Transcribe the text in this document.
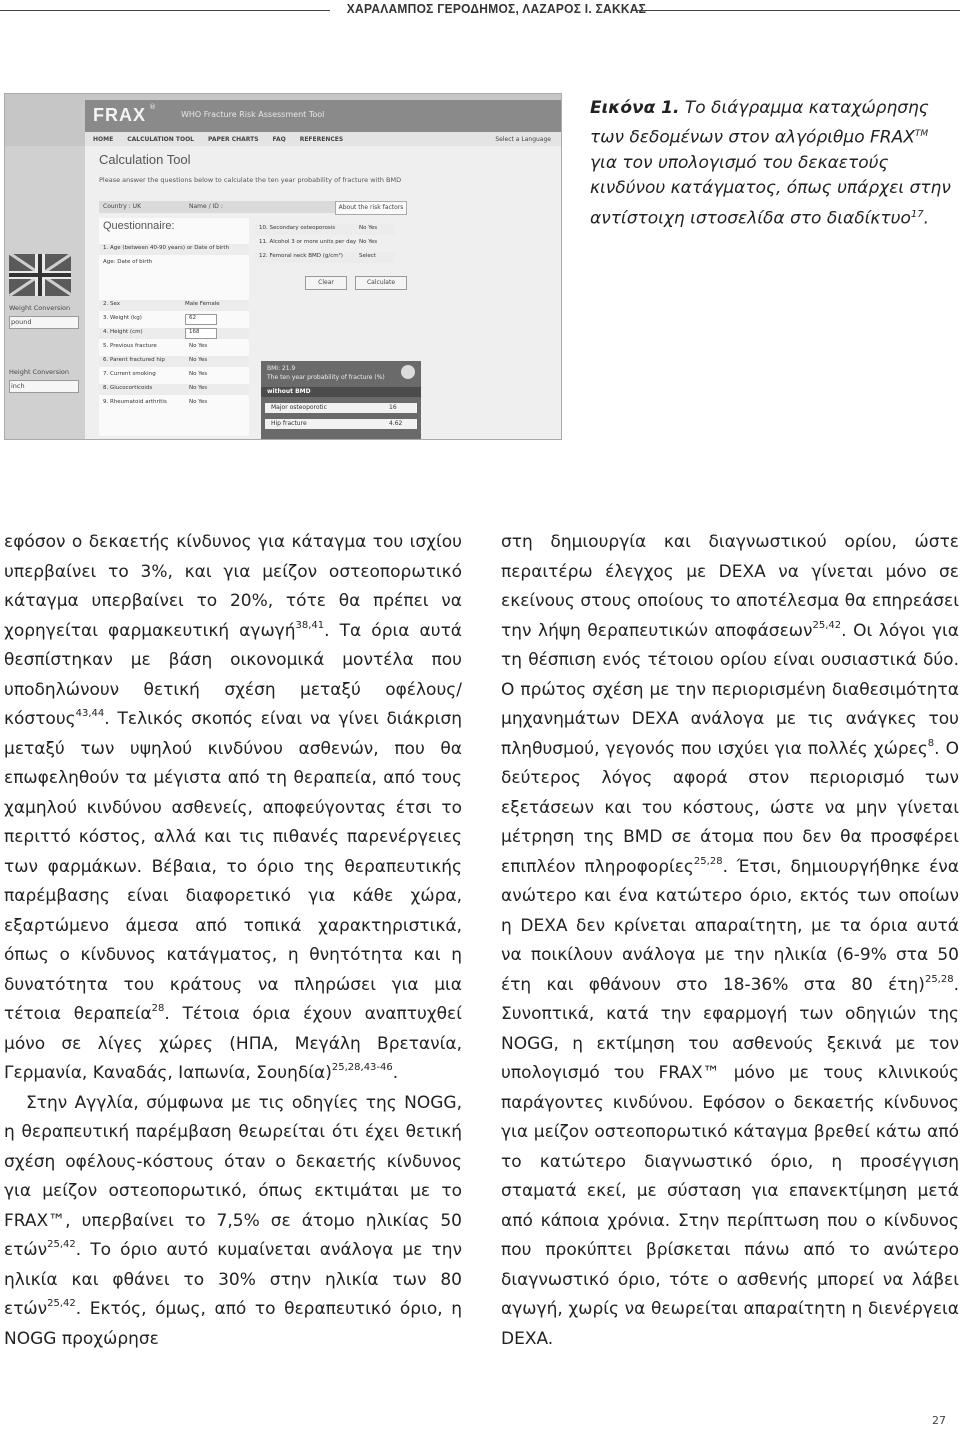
ΧΑΡΑΛΑΜΠΟΣ ΓΕΡΟΔΗΜΟΣ, ΛΑΖΑΡΟΣ Ι. ΣΑΚΚΑΣ
FRAX ®
WHO Fracture Risk Assessment Tool
HOME CALCULATION TOOL PAPER CHARTS FAQ REFERENCES	Select a Language
Weight Conversion
pound
Height Conversion
inch
Calculation Tool
Please answer the questions below to calculate the ten year probability of fracture with BMD
Country : UK	Name / ID :	About the risk factors
Questionnaire:
1. Age (between 40-90 years) or Date of birth
Age: Date of birth
2. Sex	Male Female
3. Weight (kg)	62
4. Height (cm)	168
5. Previous fracture	No Yes
6. Parent fractured hip	No Yes
7. Current smoking	No Yes
8. Glucocorticoids	No Yes
9. Rheumatoid arthritis	No Yes
10. Secondary osteoporosis	No Yes
11. Alcohol 3 or more units per day No Yes
12. Femoral neck BMD (g/cm²)	Select
Clear	Calculate
BMI: 21.9
The ten year probability of fracture (%)
without BMD
Major osteoporotic	16
Hip fracture	4.62
Εικόνα 1. Το διάγραμμα καταχώρησης των δεδομένων στον αλγόριθμο FRAX™ για τον υπολογισμό του δεκαετούς κινδύνου κατάγματος, όπως υπάρχει στην αντίστοιχη ιστοσελίδα στο διαδίκτυο$^{17}$.

εφόσον ο δεκαετής κίνδυνος για κάταγμα του ισχίου υπερβαίνει το 3%, και για μείζον οστεοπορωτικό κάταγμα υπερβαίνει το 20%, τότε θα πρέπει να χορηγείται φαρμακευτική αγωγή$^{38,41}$. Τα όρια αυτά θεσπίστηκαν με βάση οικονομικά μοντέλα που υποδηλώνουν θετική σχέση μεταξύ οφέλους/κόστους$^{43,44}$. Τελικός σκοπός είναι να γίνει διάκριση μεταξύ των υψηλού κινδύνου ασθενών, που θα επωφεληθούν τα μέγιστα από τη θεραπεία, από τους χαμηλού κινδύνου ασθενείς, αποφεύγοντας έτσι το περιττό κόστος, αλλά και τις πιθανές παρενέργειες των φαρμάκων. Βέβαια, το όριο της θεραπευτικής παρέμβασης είναι διαφορετικό για κάθε χώρα, εξαρτώμενο άμεσα από τοπικά χαρακτηριστικά, όπως ο κίνδυνος κατάγματος, η θνητότητα και η δυνατότητα του κράτους να πληρώσει για μια τέτοια θεραπεία$^{28}$. Τέτοια όρια έχουν αναπτυχθεί μόνο σε λίγες χώρες (ΗΠΑ, Μεγάλη Βρετανία, Γερμανία, Καναδάς, Ιαπωνία, Σουηδία)$^{25,28,43-46}$.

Στην Αγγλία, σύμφωνα με τις οδηγίες της NOGG, η θεραπευτική παρέμβαση θεωρείται ότι έχει θετική σχέση οφέλους-κόστους όταν ο δεκαετής κίνδυνος για μείζον οστεοπορωτικό, όπως εκτιμάται με το FRAX™, υπερβαίνει το 7,5% σε άτομο ηλικίας 50 ετών$^{25,42}$. Το όριο αυτό κυμαίνεται ανάλογα με την ηλικία και φθάνει το 30% στην ηλικία των 80 ετών$^{25,42}$. Εκτός, όμως, από το θεραπευτικό όριο, η NOGG προχώρησε

στη δημιουργία και διαγνωστικού ορίου, ώστε περαιτέρω έλεγχος με DEXA να γίνεται μόνο σε εκείνους στους οποίους το αποτέλεσμα θα επηρεάσει την λήψη θεραπευτικών αποφάσεων$^{25,42}$. Οι λόγοι για τη θέσπιση ενός τέτοιου ορίου είναι ουσιαστικά δύο. Ο πρώτος σχέση με την περιορισμένη διαθεσιμότητα μηχανημάτων DEXA ανάλογα με τις ανάγκες του πληθυσμού, γεγονός που ισχύει για πολλές χώρες$^8$. Ο δεύτερος λόγος αφορά στον περιορισμό των εξετάσεων και του κόστους, ώστε να μην γίνεται μέτρηση της BMD σε άτομα που δεν θα προσφέρει επιπλέον πληροφορίες$^{25,28}$. Έτσι, δημιουργήθηκε ένα ανώτερο και ένα κατώτερο όριο, εκτός των οποίων η DEXA δεν κρίνεται απαραίτητη, με τα όρια αυτά να ποικίλουν ανάλογα με την ηλικία (6-9% στα 50 έτη και φθάνουν στο 18-36% στα 80 έτη)$^{25,28}$. Συνοπτικά, κατά την εφαρμογή των οδηγιών της NOGG, η εκτίμηση του ασθενούς ξεκινά με τον υπολογισμό του FRAX™ μόνο με τους κλινικούς παράγοντες κινδύνου. Εφόσον ο δεκαετής κίνδυνος για μείζον οστεοπορωτικό κάταγμα βρεθεί κάτω από το κατώτερο διαγνωστικό όριο, η προσέγγιση σταματά εκεί, με σύσταση για επανεκτίμηση μετά από κάποια χρόνια. Στην περίπτωση που ο κίνδυνος που προκύπτει βρίσκεται πάνω από το ανώτερο διαγνωστικό όριο, τότε ο ασθενής μπορεί να λάβει αγωγή, χωρίς να θεωρείται απαραίτητη η διενέργεια DEXA.

27
